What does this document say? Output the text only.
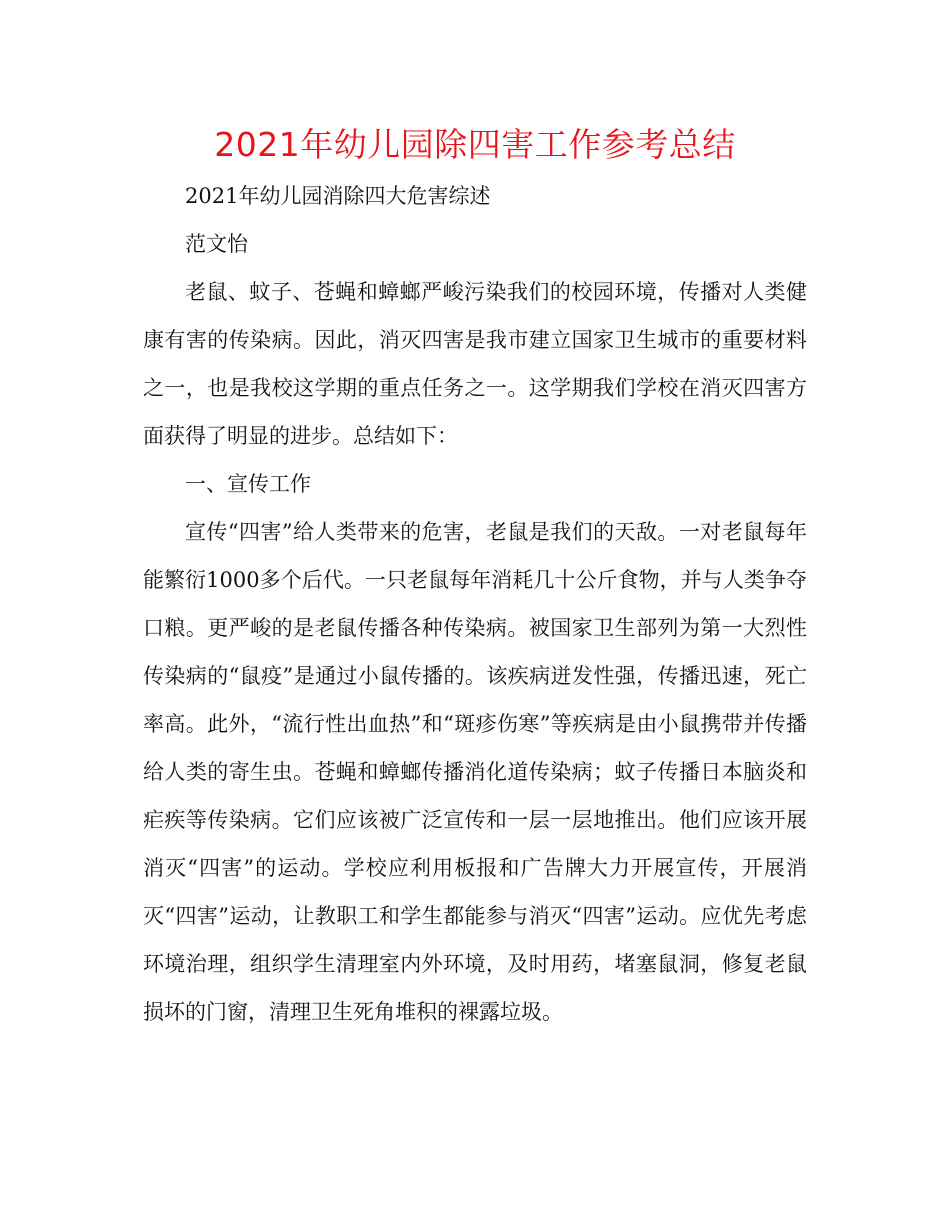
2021年幼儿园除四害工作参考总结

2021年幼儿园消除四大危害综述

范文怡

老鼠、蚊子、苍蝇和蟑螂严峻污染我们的校园环境，传播对人类健康有害的传染病。因此，消灭四害是我市建立国家卫生城市的重要材料之一，也是我校这学期的重点任务之一。这学期我们学校在消灭四害方面获得了明显的进步。总结如下：

一、宣传工作

宣传“四害”给人类带来的危害，老鼠是我们的天敌。一对老鼠每年能繁衍1000多个后代。一只老鼠每年消耗几十公斤食物，并与人类争夺口粮。更严峻的是老鼠传播各种传染病。被国家卫生部列为第一大烈性传染病的“鼠疫”是通过小鼠传播的。该疾病迸发性强，传播迅速，死亡率高。此外，“流行性出血热”和“斑疹伤寒”等疾病是由小鼠携带并传播给人类的寄生虫。苍蝇和蟑螂传播消化道传染病；蚊子传播日本脑炎和疟疾等传染病。它们应该被广泛宣传和一层一层地推出。他们应该开展消灭“四害”的运动。学校应利用板报和广告牌大力开展宣传，开展消灭“四害”运动，让教职工和学生都能参与消灭“四害”运动。应优先考虑环境治理，组织学生清理室内外环境，及时用药，堵塞鼠洞，修复老鼠损坏的门窗，清理卫生死角堆积的裸露垃圾。
